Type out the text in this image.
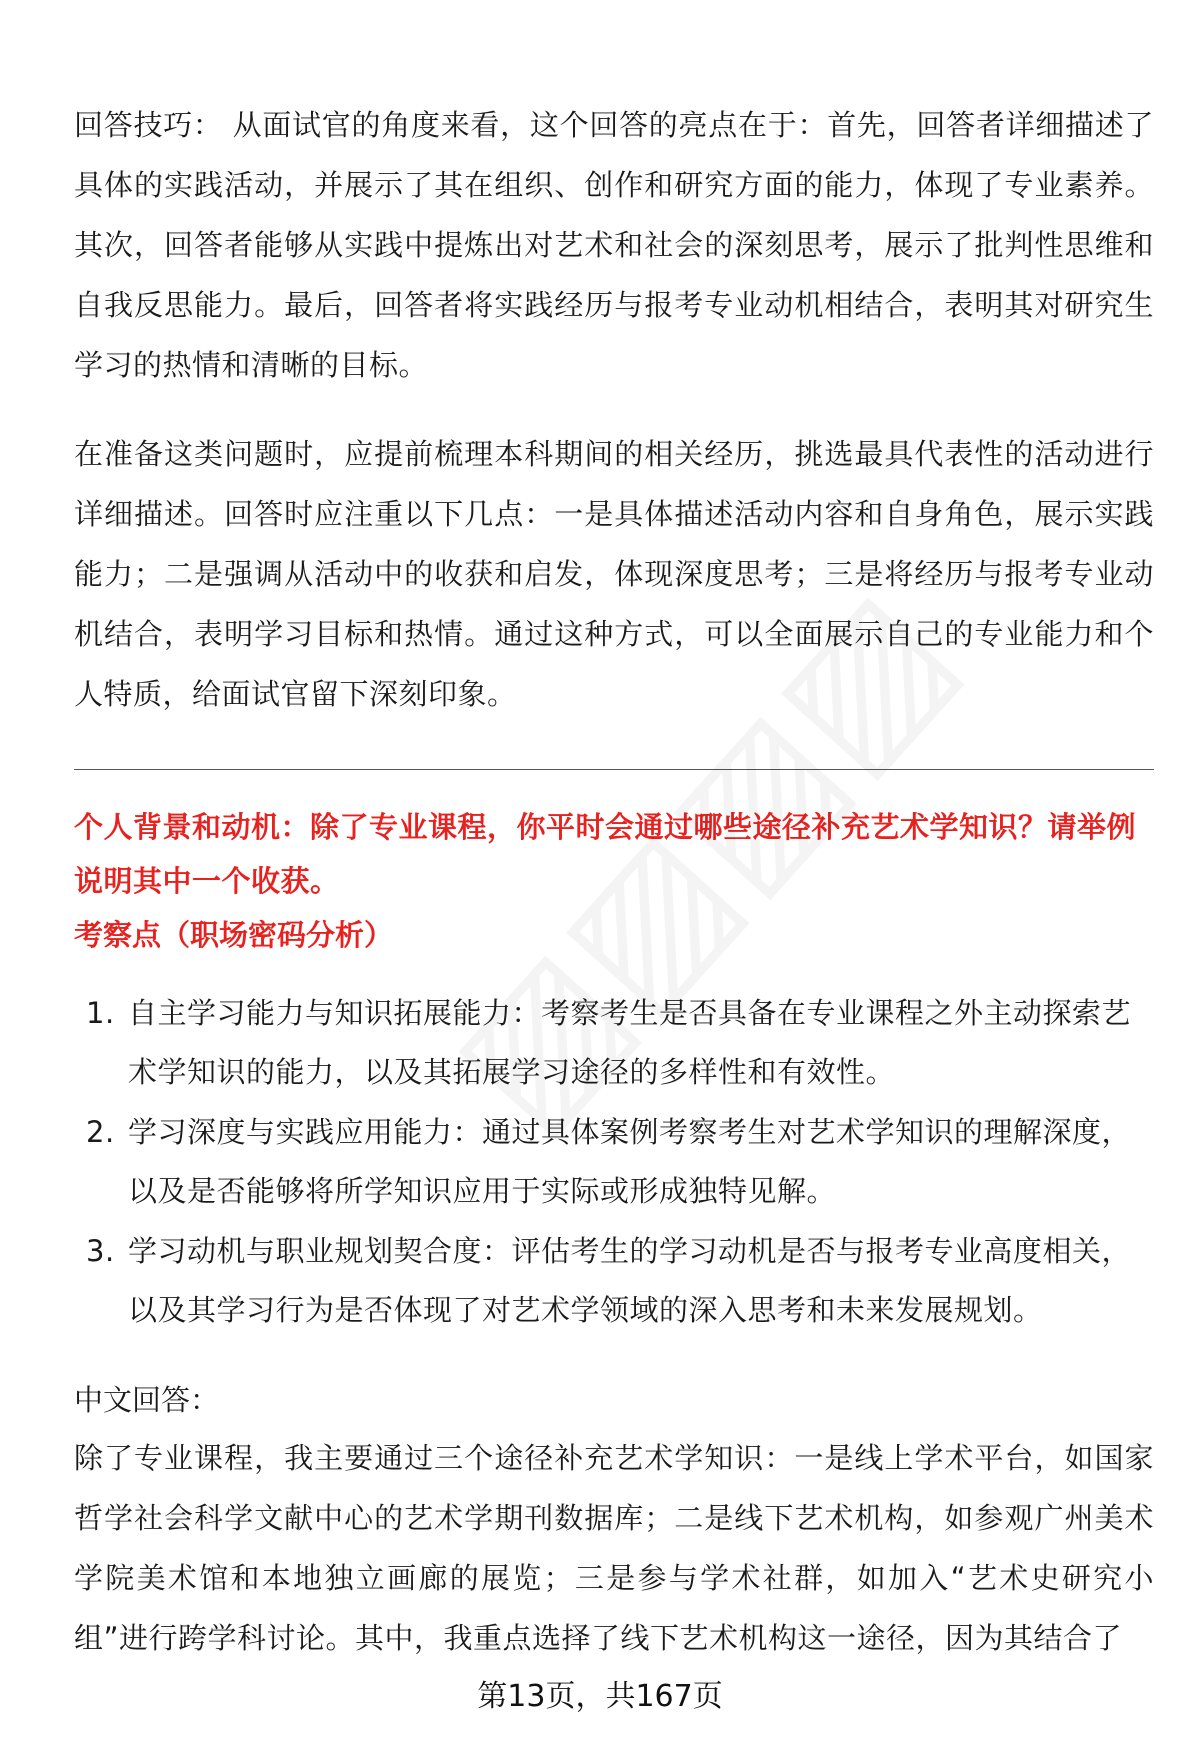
回答技巧： 从面试官的角度来看，这个回答的亮点在于：首先，回答者详细描述了具体的实践活动，并展示了其在组织、创作和研究方面的能力，体现了专业素养。其次，回答者能够从实践中提炼出对艺术和社会的深刻思考，展示了批判性思维和自我反思能力。最后，回答者将实践经历与报考专业动机相结合，表明其对研究生学习的热情和清晰的目标。

在准备这类问题时，应提前梳理本科期间的相关经历，挑选最具代表性的活动进行详细描述。回答时应注重以下几点：一是具体描述活动内容和自身角色，展示实践能力；二是强调从活动中的收获和启发，体现深度思考；三是将经历与报考专业动机结合，表明学习目标和热情。通过这种方式，可以全面展示自己的专业能力和个人特质，给面试官留下深刻印象。

个人背景和动机：除了专业课程，你平时会通过哪些途径补充艺术学知识？请举例说明其中一个收获。

考察点（职场密码分析）

1. 自主学习能力与知识拓展能力：考察考生是否具备在专业课程之外主动探索艺术学知识的能力，以及其拓展学习途径的多样性和有效性。
2. 学习深度与实践应用能力：通过具体案例考察考生对艺术学知识的理解深度，以及是否能够将所学知识应用于实际或形成独特见解。
3. 学习动机与职业规划契合度：评估考生的学习动机是否与报考专业高度相关，以及其学习行为是否体现了对艺术学领域的深入思考和未来发展规划。

中文回答：

除了专业课程，我主要通过三个途径补充艺术学知识：一是线上学术平台，如国家哲学社会科学文献中心的艺术学期刊数据库；二是线下艺术机构，如参观广州美术学院美术馆和本地独立画廊的展览；三是参与学术社群，如加入“艺术史研究小组”进行跨学科讨论。其中，我重点选择了线下艺术机构这一途径，因为其结合了

第13页，共167页
